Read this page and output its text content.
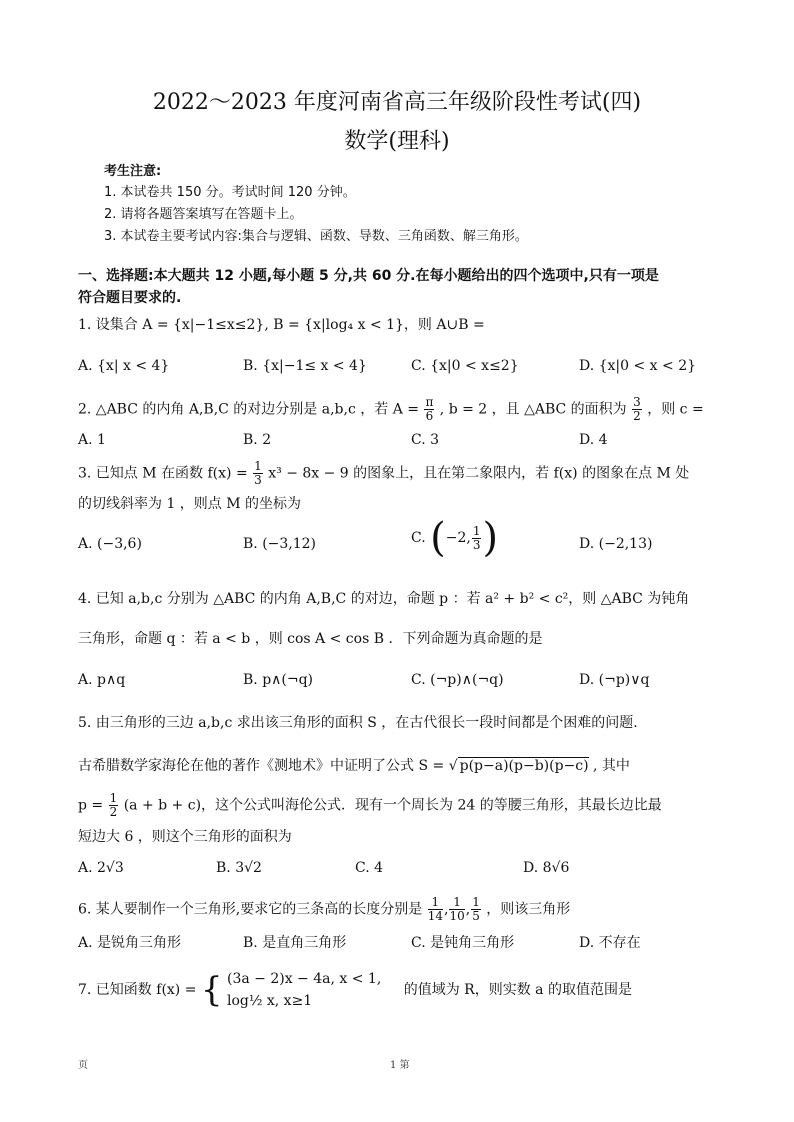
2022～2023 年度河南省高三年级阶段性考试(四)
数学(理科)
考生注意:
1. 本试卷共 150 分。考试时间 120 分钟。
2. 请将各题答案填写在答题卡上。
3. 本试卷主要考试内容:集合与逻辑、函数、导数、三角函数、解三角形。
一、选择题:本大题共 12 小题,每小题 5 分,共 60 分.在每小题给出的四个选项中,只有一项是
符合题目要求的.
1. 设集合 A = {x|−1≤x≤2}, B = {x|log₄ x < 1}，则 A∪B =
A. {x| x < 4}	B. {x|−1≤ x < 4}	C. {x|0 < x≤2}	D. {x|0 < x < 2}
2. △ABC 的内角 A,B,C 的对边分别是 a,b,c ，若 $A = \frac{\pi}{6}$ , b = 2 ，且 △ABC 的面积为 $\frac{3}{2}$ ，则 c =
A. 1	B. 2	C. 3	D. 4
3. 已知点 M 在函数 $f(x) = \frac{1}{3} x^3 - 8x - 9$ 的图象上，且在第二象限内，若 f(x) 的图象在点 M 处
的切线斜率为 1 ，则点 M 的坐标为
A. (−3,6)	B. (−3,12)	C. (−2, $\frac{1}{3}$ )	D. (−2,13)
4. 已知 a,b,c 分别为 △ABC 的内角 A,B,C 的对边，命题 p ：若 a² + b² < c²，则 △ABC 为钝角
三角形，命题 q ：若 a < b ，则 cos A < cos B ．下列命题为真命题的是
A. p∧q	B. p∧(¬q)	C. (¬p)∧(¬q)	D. (¬p)∨q
5. 由三角形的三边 a,b,c 求出该三角形的面积 S ，在古代很长一段时间都是个困难的问题.
古希腊数学家海伦在他的著作《测地术》中证明了公式 S = √ p(p−a)(p−b)(p−c) , 其中
$p = \frac{1}{2} (a + b + c)$，这个公式叫海伦公式．现有一个周长为 24 的等腰三角形，其最长边比最
短边大 6 ，则这个三角形的面积为
A. 2√3	B. 3√2	C. 4	D. 8√6
6. 某人要制作一个三角形,要求它的三条高的长度分别是 $\frac{1}{14}$ , $\frac{1}{10}$ , $\frac{1}{5}$ ，则该三角形
A. 是锐角三角形	B. 是直角三角形	C. 是钝角三角形	D. 不存在
7. 已知函数 f(x) = { (3a − 2)x − 4a, x < 1,
log½ x, x≥1
的值域为 R，则实数 a 的取值范围是
页	1 第
